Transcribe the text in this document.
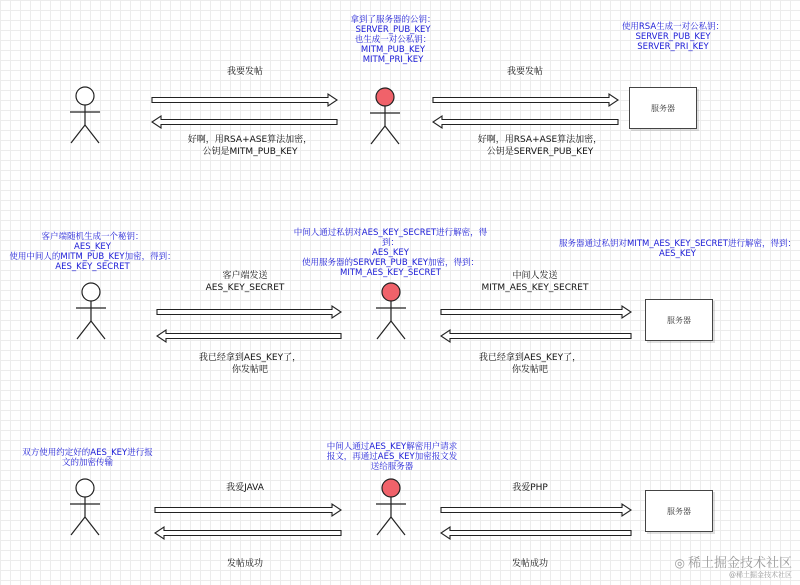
拿到了服务器的公钥：
SERVER_PUB_KEY
也生成一对公私钥：
MITM_PUB_KEY
MITM_PRI_KEY
使用RSA生成一对公私钥：
SERVER_PUB_KEY
SERVER_PRI_KEY
我要发帖	我要发帖
好啊，用RSA+ASE算法加密，
公钥是MITM_PUB_KEY
好啊，用RSA+ASE算法加密，
公钥是SERVER_PUB_KEY
客户端随机生成一个秘钥：
AES_KEY
使用中间人的MITM_PUB_KEY加密，得到：
AES_KEY_SECRET
中间人通过私钥对AES_KEY_SECRET进行解密，得到：
AES_KEY
使用服务器的SERVER_PUB_KEY加密，得到：
MITM_AES_KEY_SECRET
服务器通过私钥对MITM_AES_KEY_SECRET进行解密，得到：
AES_KEY
客户端发送
AES_KEY_SECRET
中间人发送
MITM_AES_KEY_SECRET
我已经拿到AES_KEY了，
你发帖吧
我已经拿到AES_KEY了，
你发帖吧
双方使用约定好的AES_KEY进行报
文的加密传输
中间人通过AES_KEY解密用户请求
报文，再通过AES_KEY加密报文发
送给服务器
我爱JAVA	我爱PHP
发帖成功	发帖成功
服务器
服务器
服务器
◎ 稀土掘金技术社区
@稀土掘金技术社区
